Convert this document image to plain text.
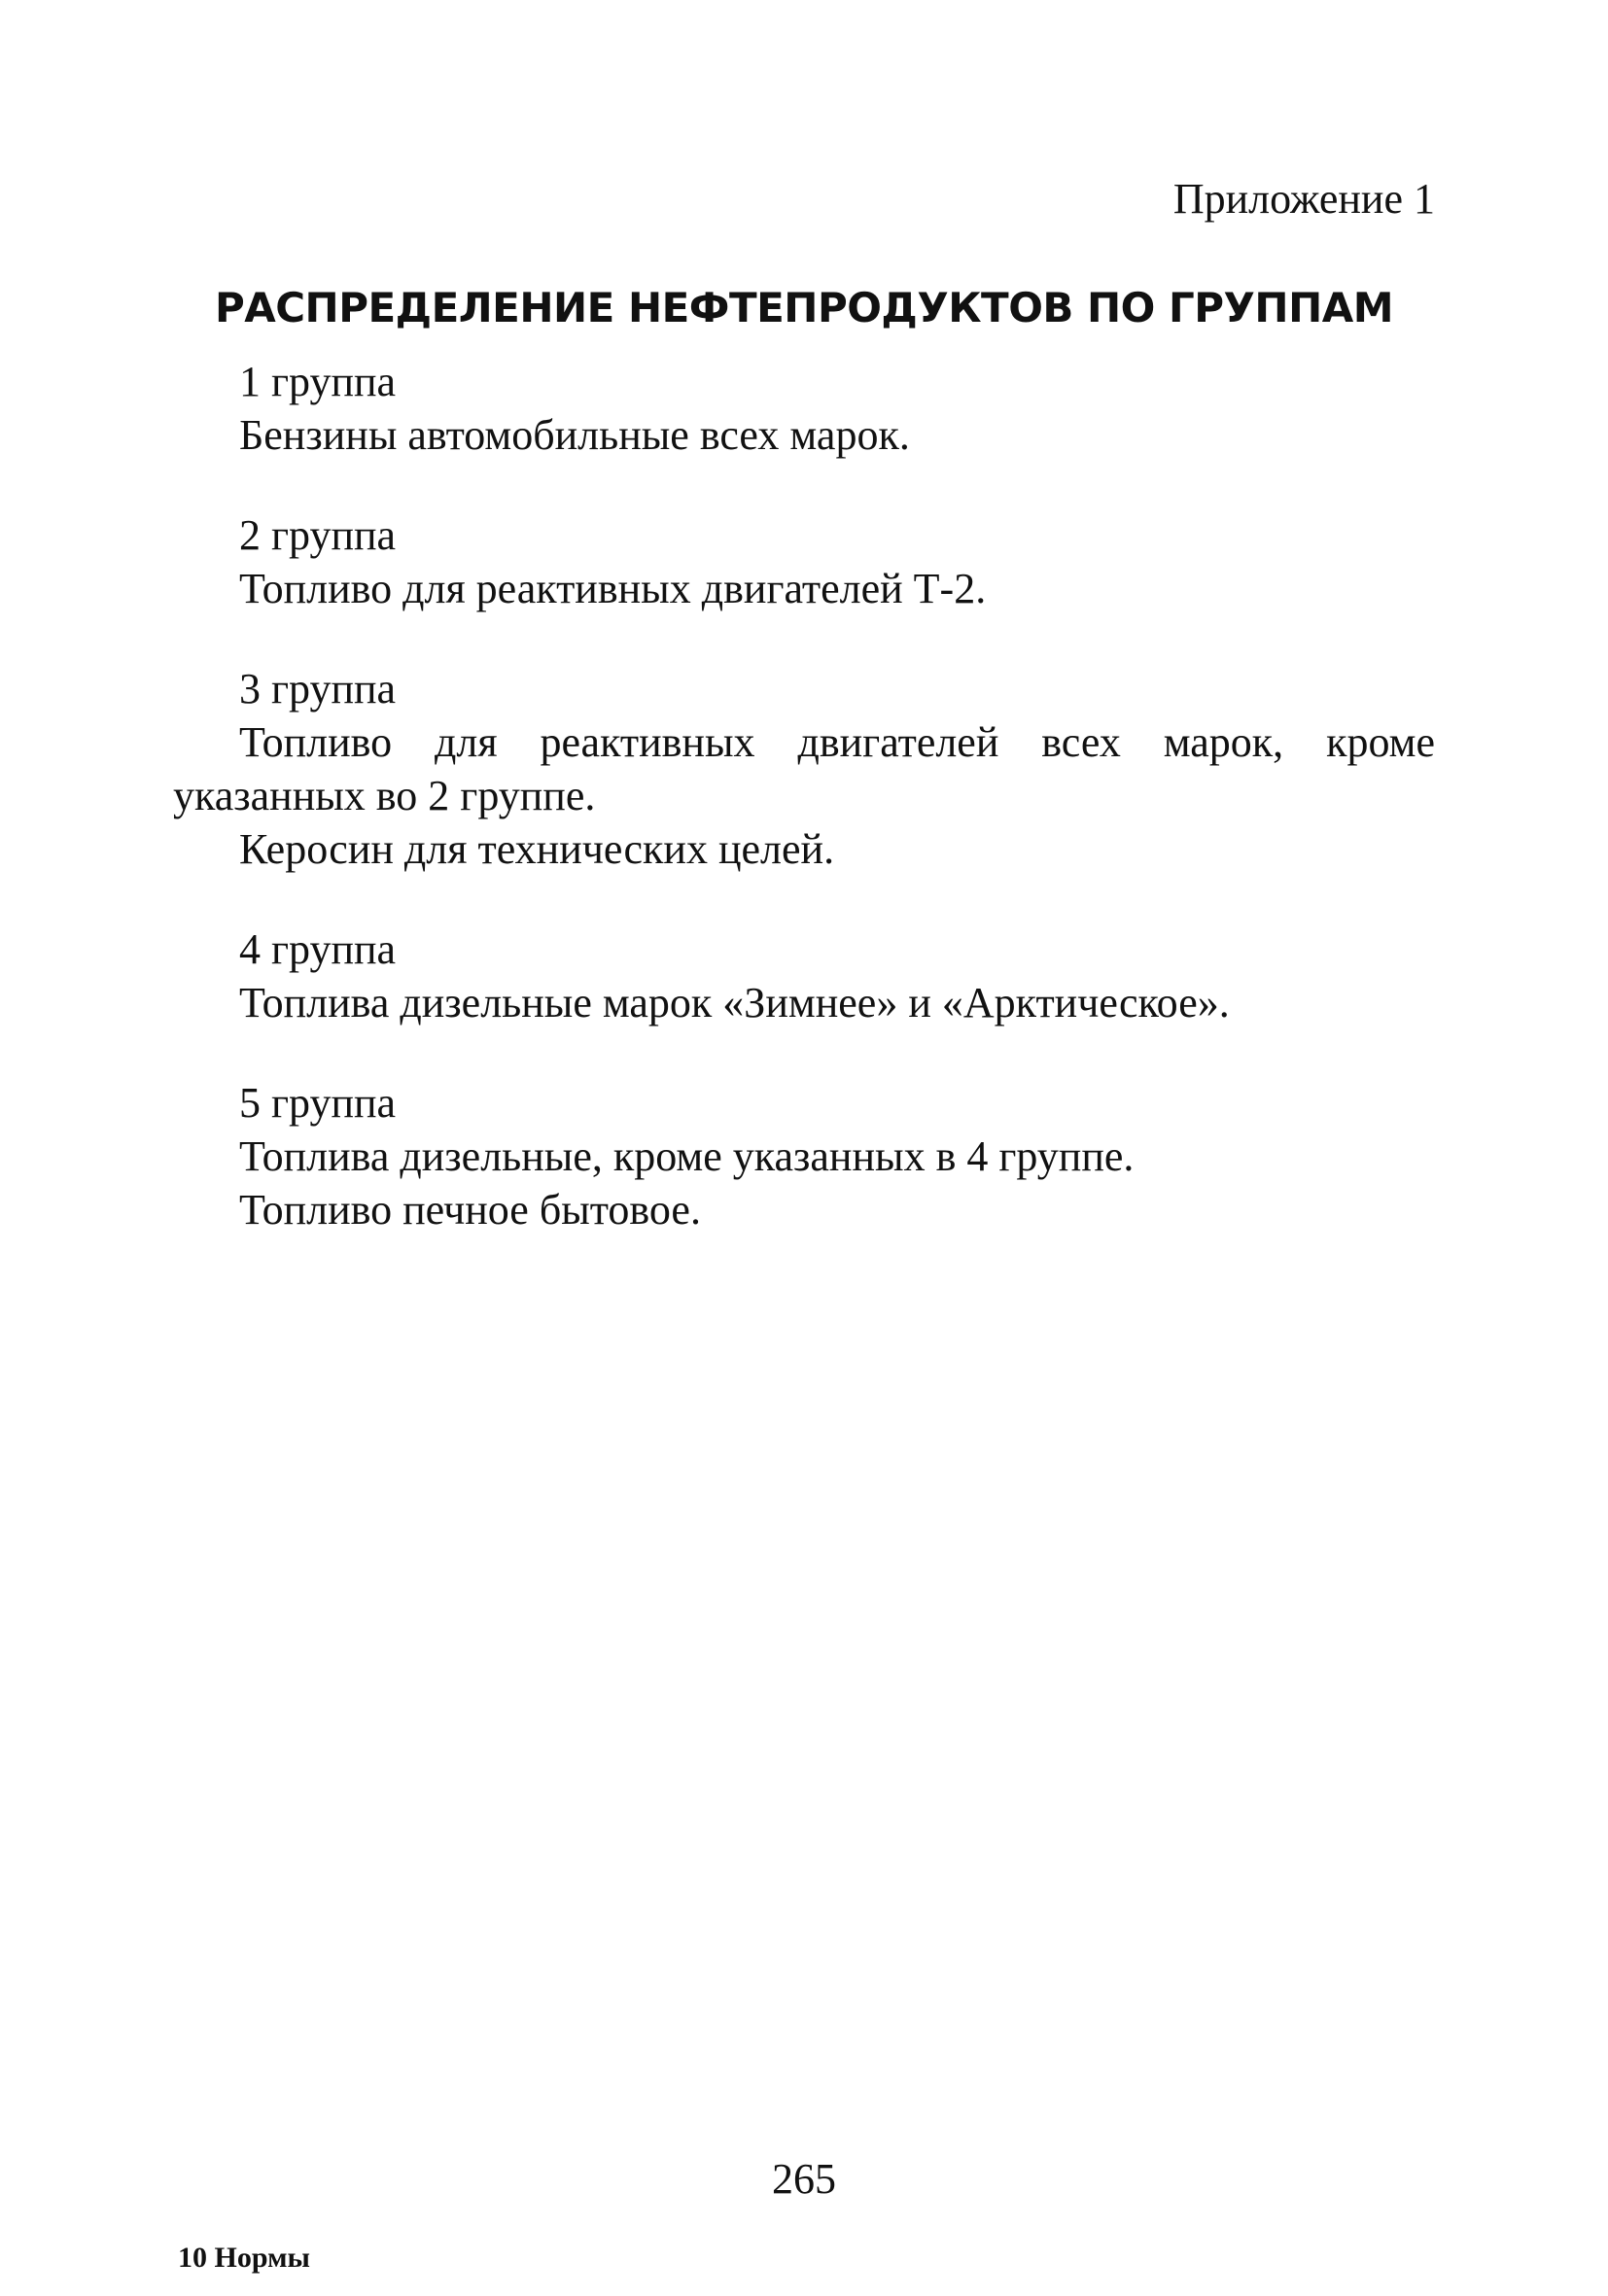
Приложение 1
РАСПРЕДЕЛЕНИЕ НЕФТЕПРОДУКТОВ ПО ГРУППАМ

1 группа

Бензины автомобильные всех марок.

2 группа

Топливо для реактивных двигателей Т-2.

3 группа

Топливо для реактивных двигателей всех марок, кроме указанных во 2 группе.

Керосин для технических целей.

4 группа

Топлива дизельные марок «Зимнее» и «Арктическое».

5 группа

Топлива дизельные, кроме указанных в 4 группе.

Топливо печное бытовое.

265
10 Нормы
